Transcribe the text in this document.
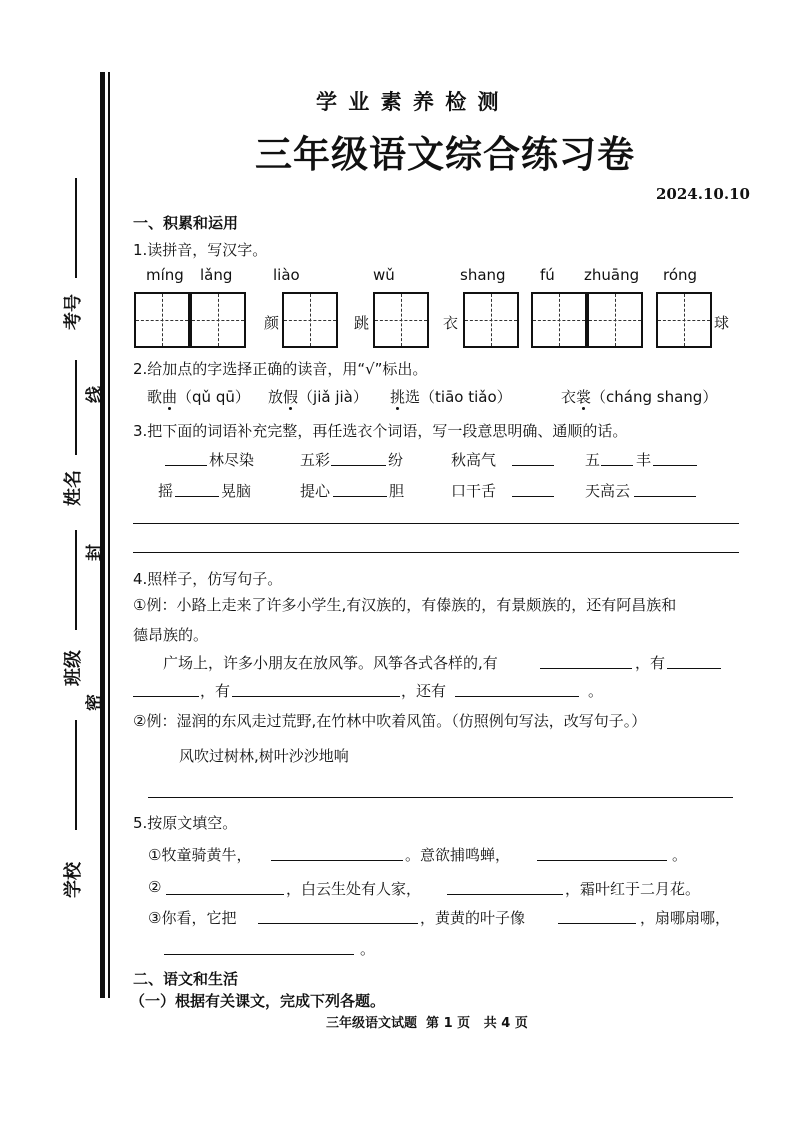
考号
姓名
班级
学校
线
封
密
学 业 素 养 检 测
三年级语文综合练习卷
2024.10.10
一、积累和运用
1.读拼音，写汉字。
míng lǎng	liào	wǔ	shang fú zhuāng róng
颜	跳	衣	球
2.给加点的字选择正确的读音，用“√”标出。
歌曲（qǔ qū） 放假（jiǎ jià） 挑选（tiāo tiǎo）	衣裳（cháng shang）
3.把下面的词语补充完整，再任选衣个词语，写一段意思明确、通顺的话。
林尽染	五彩	纷	秋高气	五 丰
摇	晃脑	提心	胆	口干舌	天高云
4.照样子，仿写句子。
①例：小路上走来了许多小学生,有汉族的，有傣族的，有景颇族的，还有阿昌族和
德昂族的。
广场上，许多小朋友在放风筝。风筝各式各样的,有	，有
，有	，还有	。
②例：湿润的东风走过荒野,在竹林中吹着风笛。（仿照例句写法，改写句子。）
风吹过树林,树叶沙沙地响
5.按原文填空。
①牧童骑黄牛，	。意欲捕鸣蝉，	。
②	，白云生处有人家，	，霜叶红于二月花。
③你看，它把	，黄黄的叶子像	，扇哪扇哪，
。
二、语文和生活
（一）根据有关课文，完成下列各题。
三年级语文试题  第 1 页   共 4 页
